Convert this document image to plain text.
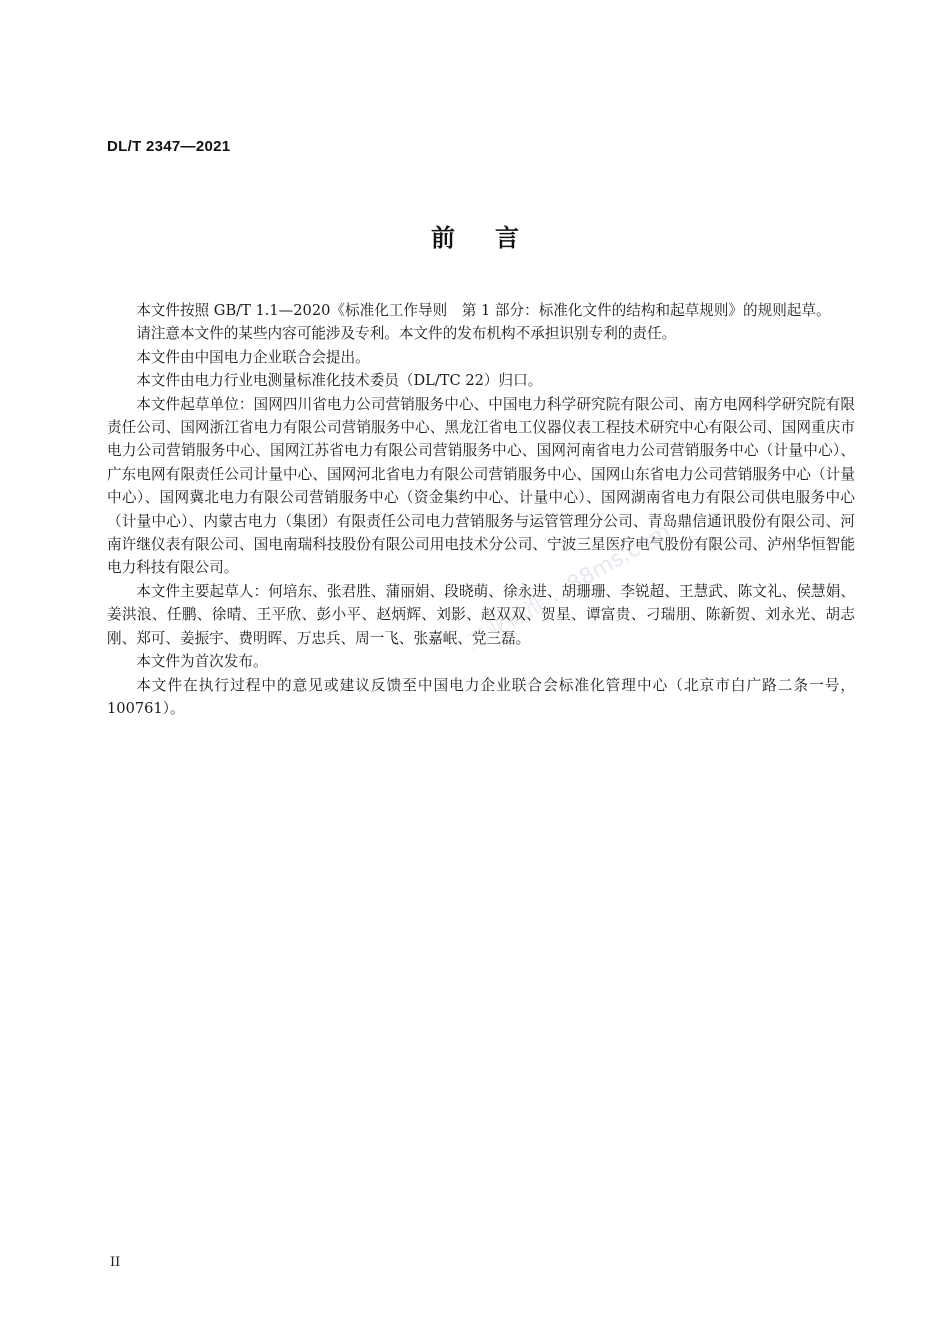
DL/T 2347—2021
前言

本文件按照 GB/T 1.1—2020《标准化工作导则　第 1 部分：标准化文件的结构和起草规则》的规则起草。

请注意本文件的某些内容可能涉及专利。本文件的发布机构不承担识别专利的责任。

本文件由中国电力企业联合会提出。

本文件由电力行业电测量标准化技术委员（DL/TC 22）归口。

本文件起草单位：国网四川省电力公司营销服务中心、中国电力科学研究院有限公司、南方电网科学研究院有限责任公司、国网浙江省电力有限公司营销服务中心、黑龙江省电工仪器仪表工程技术研究中心有限公司、国网重庆市电力公司营销服务中心、国网江苏省电力有限公司营销服务中心、国网河南省电力公司营销服务中心（计量中心）、广东电网有限责任公司计量中心、国网河北省电力有限公司营销服务中心、国网山东省电力公司营销服务中心（计量中心）、国网冀北电力有限公司营销服务中心（资金集约中心、计量中心）、国网湖南省电力有限公司供电服务中心（计量中心）、内蒙古电力（集团）有限责任公司电力营销服务与运管管理分公司、青岛鼎信通讯股份有限公司、河南许继仪表有限公司、国电南瑞科技股份有限公司用电技术分公司、宁波三星医疗电气股份有限公司、泸州华恒智能电力科技有限公司。

本文件主要起草人：何培东、张君胜、蒲丽娟、段晓萌、徐永进、胡珊珊、李锐超、王慧武、陈文礼、侯慧娟、姜洪浪、任鹏、徐晴、王平欣、彭小平、赵炳辉、刘影、赵双双、贺星、谭富贵、刁瑞朋、陈新贺、刘永光、胡志刚、郑可、姜振宇、费明晖、万忠兵、周一飞、张嘉岷、党三磊。

本文件为首次发布。

本文件在执行过程中的意见或建议反馈至中国电力企业联合会标准化管理中心（北京市白广路二条一号，100761）。

工业标准 ...88ms.com
II
